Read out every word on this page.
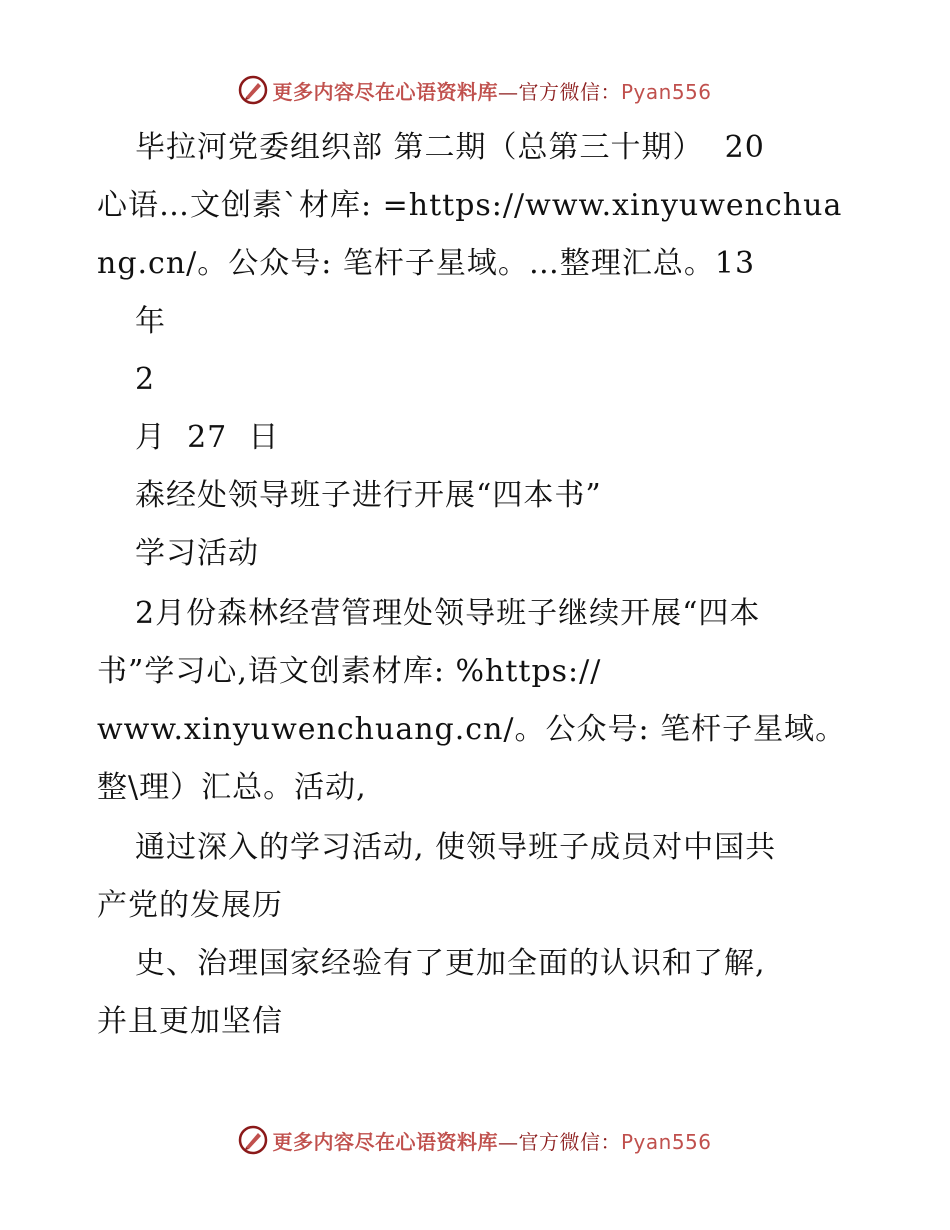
更多内容尽在心语资料库—官方微信：Pyan556
毕拉河党委组织部 第二期（总第三十期）  20
心语…文创素`材库: =https://www.xinyuwenchua
ng.cn/。公众号: 笔杆子星域。…整理汇总。13
年
2
月  27  日
森经处领导班子进行开展“四本书”
学习活动
2月份森林经营管理处领导班子继续开展“四本
书”学习心,语文创素材库: %https://
www.xinyuwenchuang.cn/。公众号: 笔杆子星域。
整\理）汇总。活动,
通过深入的学习活动, 使领导班子成员对中国共
产党的发展历
史、治理国家经验有了更加全面的认识和了解,
并且更加坚信
更多内容尽在心语资料库—官方微信：Pyan556
